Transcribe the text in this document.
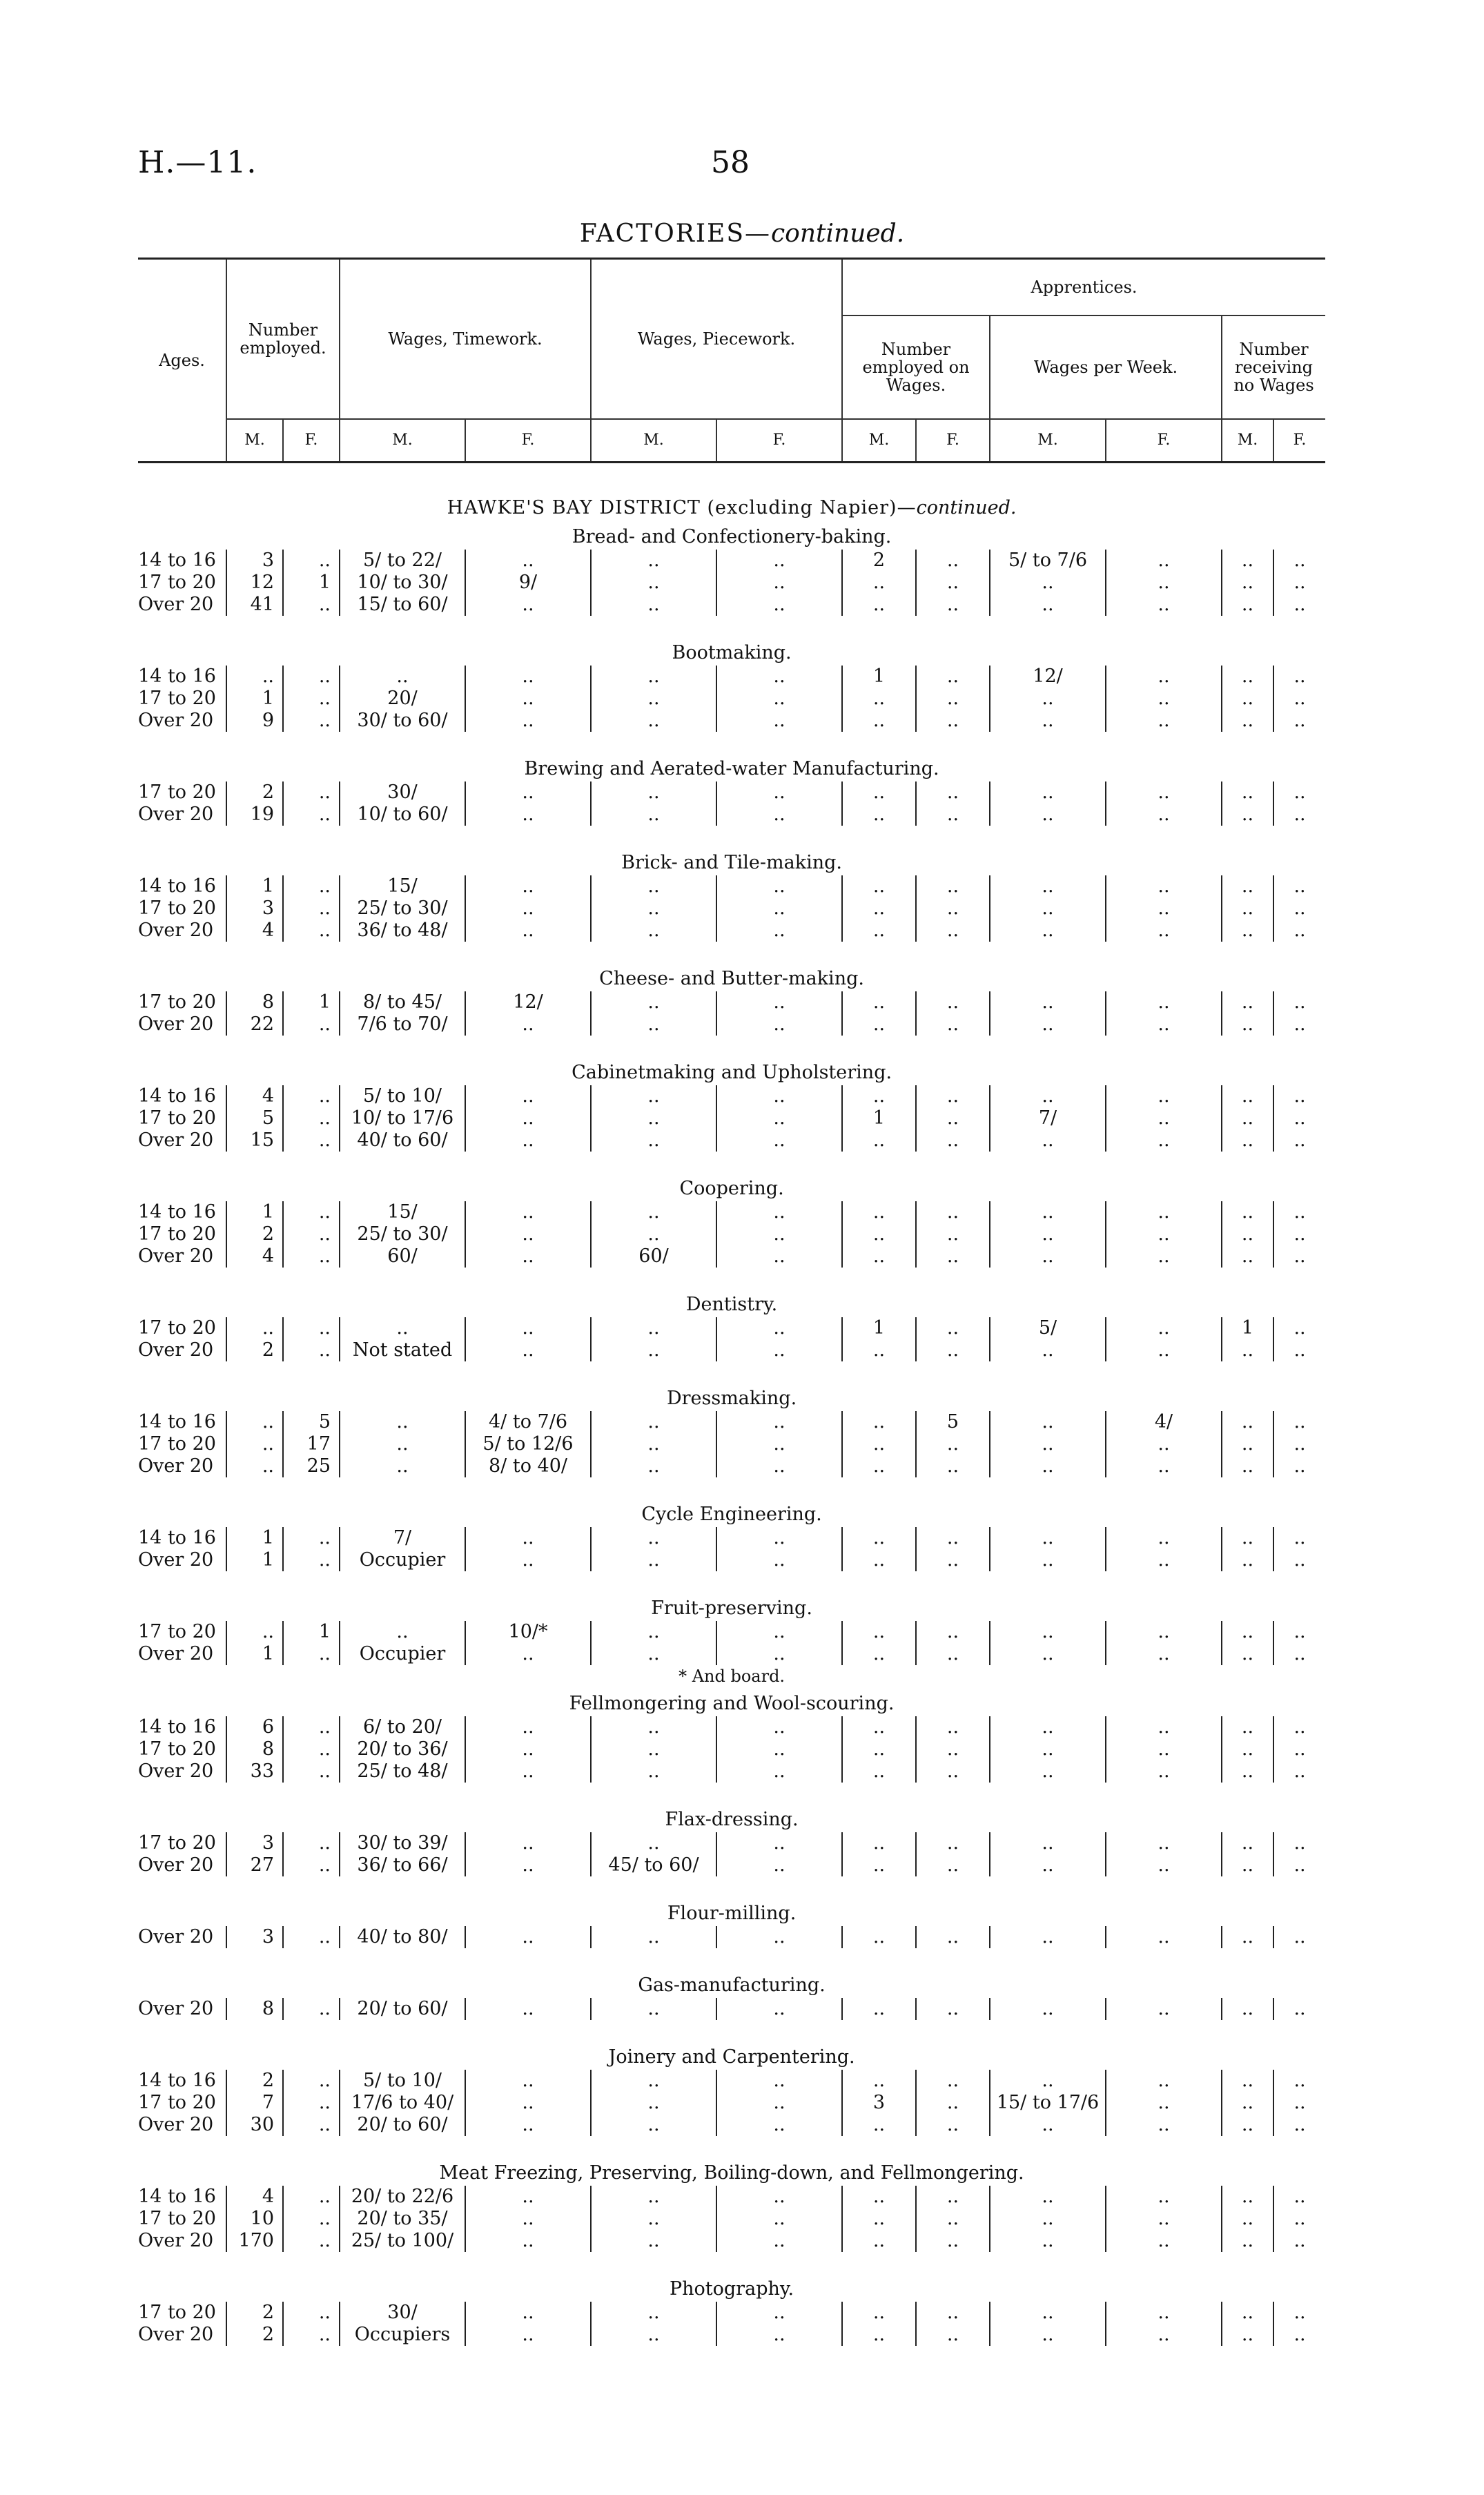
H.—11.	58
FACTORIES—continued.
Ages.	Number employed.		Wages, Timework.		Wages, Piecework.		Apprentices.					
							Number employed on Wages.		Wages per Week.		Number receiving no Wages	
	M.	F.	M.	F.	M.	F.	M.	F.	M.	F.	M.	F.
HAWKE'S BAY DISTRICT (excluding Napier)—continued.												
Bread- and Confectionery-baking.												
14 to 16	3	..	5/ to 22/	..	..	..	2	..	5/ to 7/6	..	..	..
17 to 20	12	1	10/ to 30/	9/	..	..	..	..	..	..	..	..
Over 20	41	..	15/ to 60/	..	..	..	..	..	..	..	..	..

Bootmaking.												
14 to 16	..	..	..	..	..	..	1	..	12/	..	..	..
17 to 20	1	..	20/	..	..	..	..	..	..	..	..	..
Over 20	9	..	30/ to 60/	..	..	..	..	..	..	..	..	..

Brewing and Aerated-water Manufacturing.												
17 to 20	2	..	30/	..	..	..	..	..	..	..	..	..
Over 20	19	..	10/ to 60/	..	..	..	..	..	..	..	..	..

Brick- and Tile-making.												
14 to 16	1	..	15/	..	..	..	..	..	..	..	..	..
17 to 20	3	..	25/ to 30/	..	..	..	..	..	..	..	..	..
Over 20	4	..	36/ to 48/	..	..	..	..	..	..	..	..	..

Cheese- and Butter-making.												
17 to 20	8	1	8/ to 45/	12/	..	..	..	..	..	..	..	..
Over 20	22	..	7/6 to 70/	..	..	..	..	..	..	..	..	..

Cabinetmaking and Upholstering.												
14 to 16	4	..	5/ to 10/	..	..	..	..	..	..	..	..	..
17 to 20	5	..	10/ to 17/6	..	..	..	1	..	7/	..	..	..
Over 20	15	..	40/ to 60/	..	..	..	..	..	..	..	..	..

Coopering.												
14 to 16	1	..	15/	..	..	..	..	..	..	..	..	..
17 to 20	2	..	25/ to 30/	..	..	..	..	..	..	..	..	..
Over 20	4	..	60/	..	60/	..	..	..	..	..	..	..

Dentistry.												
17 to 20	..	..	..	..	..	..	1	..	5/	..	1	..
Over 20	2	..	Not stated	..	..	..	..	..	..	..	..	..

Dressmaking.												
14 to 16	..	5	..	4/ to 7/6	..	..	..	5	..	4/	..	..
17 to 20	..	17	..	5/ to 12/6	..	..	..	..	..	..	..	..
Over 20	..	25	..	8/ to 40/	..	..	..	..	..	..	..	..

Cycle Engineering.												
14 to 16	1	..	7/	..	..	..	..	..	..	..	..	..
Over 20	1	..	Occupier	..	..	..	..	..	..	..	..	..

Fruit-preserving.												
17 to 20	..	1	..	10/*	..	..	..	..	..	..	..	..
Over 20	1	..	Occupier	..	..	..	..	..	..	..	..	..
* And board.												
Fellmongering and Wool-scouring.												
14 to 16	6	..	6/ to 20/	..	..	..	..	..	..	..	..	..
17 to 20	8	..	20/ to 36/	..	..	..	..	..	..	..	..	..
Over 20	33	..	25/ to 48/	..	..	..	..	..	..	..	..	..

Flax-dressing.												
17 to 20	3	..	30/ to 39/	..	..	..	..	..	..	..	..	..
Over 20	27	..	36/ to 66/	..	45/ to 60/	..	..	..	..	..	..	..

Flour-milling.												
Over 20	3	..	40/ to 80/	..	..	..	..	..	..	..	..	..

Gas-manufacturing.												
Over 20	8	..	20/ to 60/	..	..	..	..	..	..	..	..	..

Joinery and Carpentering.												
14 to 16	2	..	5/ to 10/	..	..	..	..	..	..	..	..	..
17 to 20	7	..	17/6 to 40/	..	..	..	3	..	15/ to 17/6	..	..	..
Over 20	30	..	20/ to 60/	..	..	..	..	..	..	..	..	..

Meat Freezing, Preserving, Boiling-down, and Fellmongering.												
14 to 16	4	..	20/ to 22/6	..	..	..	..	..	..	..	..	..
17 to 20	10	..	20/ to 35/	..	..	..	..	..	..	..	..	..
Over 20	170	..	25/ to 100/	..	..	..	..	..	..	..	..	..

Photography.												
17 to 20	2	..	30/	..	..	..	..	..	..	..	..	..
Over 20	2	..	Occupiers	..	..	..	..	..	..	..	..	..
